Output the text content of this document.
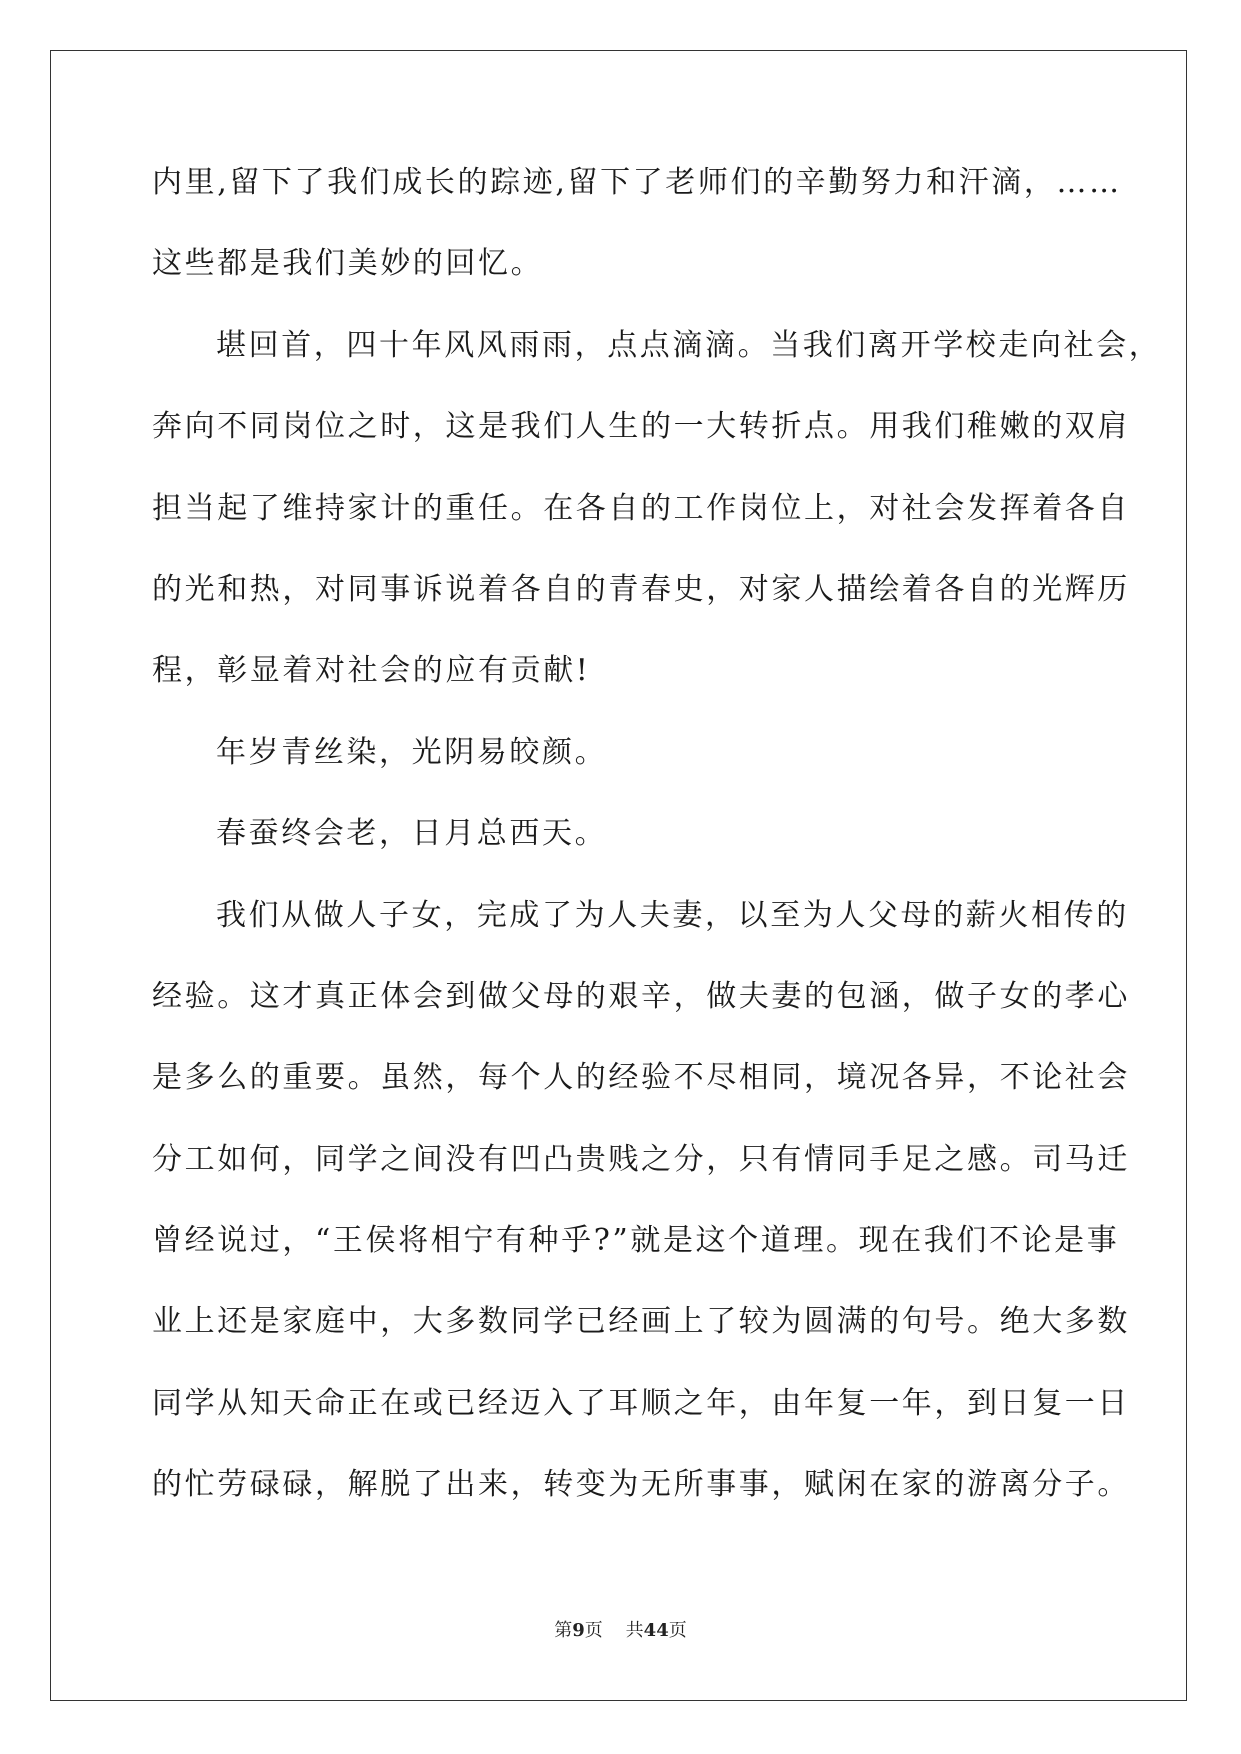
内里,留下了我们成长的踪迹,留下了老师们的辛勤努力和汗滴，……
这些都是我们美妙的回忆。
堪回首，四十年风风雨雨，点点滴滴。当我们离开学校走向社会，
奔向不同岗位之时，这是我们人生的一大转折点。用我们稚嫩的双肩
担当起了维持家计的重任。在各自的工作岗位上，对社会发挥着各自
的光和热，对同事诉说着各自的青春史，对家人描绘着各自的光辉历
程，彰显着对社会的应有贡献!
年岁青丝染，光阴易皎颜。
春蚕终会老，日月总西天。
我们从做人子女，完成了为人夫妻，以至为人父母的薪火相传的
经验。这才真正体会到做父母的艰辛，做夫妻的包涵，做子女的孝心
是多么的重要。虽然，每个人的经验不尽相同，境况各异，不论社会
分工如何，同学之间没有凹凸贵贱之分，只有情同手足之感。司马迁
曾经说过，“王侯将相宁有种乎?”就是这个道理。现在我们不论是事
业上还是家庭中，大多数同学已经画上了较为圆满的句号。绝大多数
同学从知天命正在或已经迈入了耳顺之年，由年复一年，到日复一日
的忙劳碌碌，解脱了出来，转变为无所事事，赋闲在家的游离分子。
第9页 共44页
